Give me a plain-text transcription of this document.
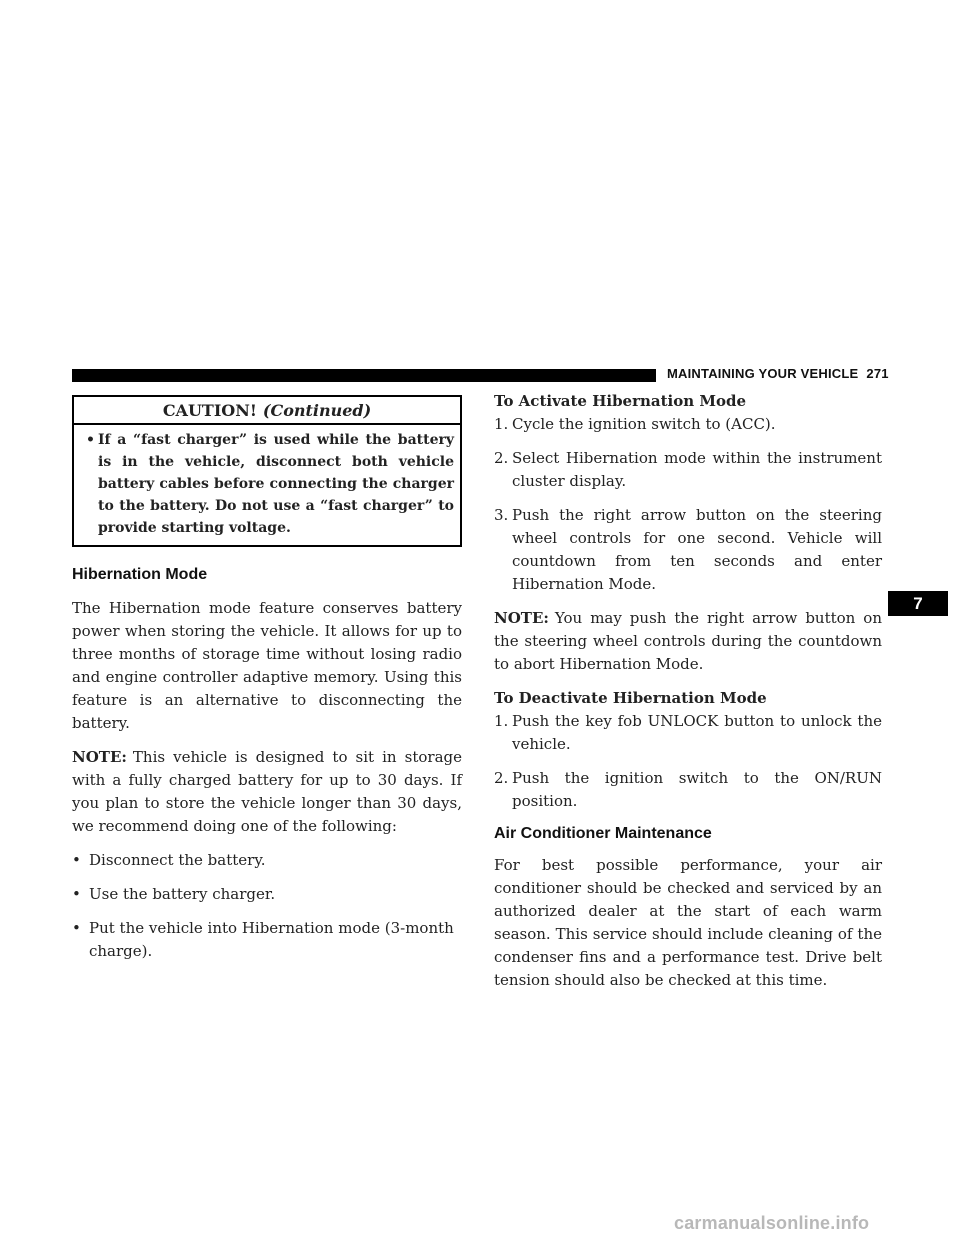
MAINTAINING YOUR VEHICLE 271
CAUTION! (Continued)
• If a “fast charger” is used while the battery is in the vehicle, disconnect both vehicle battery cables before connecting the charger to the battery. Do not use a “fast charger” to provide starting voltage.
Hibernation Mode

The Hibernation mode feature conserves battery power when storing the vehicle. It allows for up to three months of storage time without losing radio and engine controller adaptive memory. Using this feature is an alternative to disconnecting the battery.

NOTE: This vehicle is designed to sit in storage with a fully charged battery for up to 30 days. If you plan to store the vehicle longer than 30 days, we recommend doing one of the following:

• Disconnect the battery.
• Use the battery charger.
• Put the vehicle into Hibernation mode (3-month charge).

To Activate Hibernation Mode

1. Cycle the ignition switch to (ACC).
2. Select Hibernation mode within the instrument cluster display.
3. Push the right arrow button on the steering wheel controls for one second. Vehicle will countdown from ten seconds and enter Hibernation Mode.

NOTE: You may push the right arrow button on the steering wheel controls during the countdown to abort Hibernation Mode.

To Deactivate Hibernation Mode

1. Push the key fob UNLOCK button to unlock the vehicle.
2. Push the ignition switch to the ON/RUN position.
Air Conditioner Maintenance

For best possible performance, your air conditioner should be checked and serviced by an authorized dealer at the start of each warm season. This service should include cleaning of the condenser fins and a performance test. Drive belt tension should also be checked at this time.

7
carmanualsonline.info
